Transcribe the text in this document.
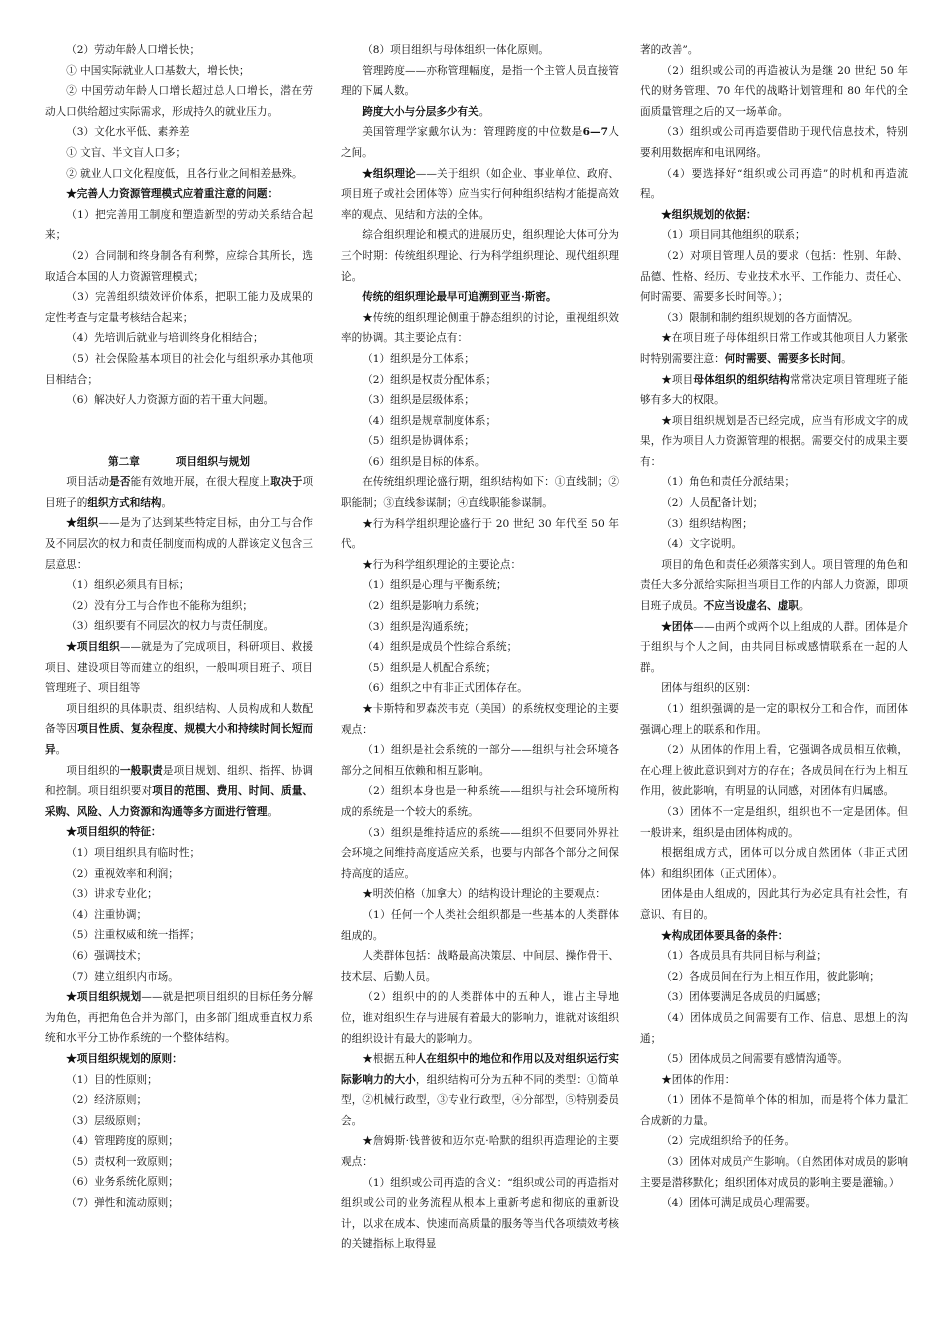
（2）劳动年龄人口增长快；

① 中国实际就业人口基数大，增长快；

② 中国劳动年龄人口增长超过总人口增长，潜在劳动人口供给超过实际需求，形成持久的就业压力。

（3）文化水平低、素养差

① 文盲、半文盲人口多；

② 就业人口文化程度低，且各行业之间相差悬殊。

★完善人力资源管理模式应着重注意的问题：

（1）把完善用工制度和塑造新型的劳动关系结合起来；

（2）合同制和终身制各有利弊，应综合其所长，选取适合本国的人力资源管理模式；

（3）完善组织绩效评价体系，把职工能力及成果的定性考查与定量考核结合起来；

（4）先培训后就业与培训终身化相结合；

（5）社会保险基本项目的社会化与组织承办其他项目相结合；

（6）解决好人力资源方面的若干重大问题。

第二章	项目组织与规划

项目活动是否能有效地开展，在很大程度上取决于项目班子的组织方式和结构。

★组织——是为了达到某些特定目标，由分工与合作及不同层次的权力和责任制度而构成的人群该定义包含三层意思：

（1）组织必须具有目标；

（2）没有分工与合作也不能称为组织；

（3）组织要有不同层次的权力与责任制度。

★项目组织——就是为了完成项目，科研项目、救援项目、建设项目等而建立的组织，一般叫项目班子、项目管理班子、项目组等

项目组织的具体职责、组织结构、人员构成和人数配备等因项目性质、复杂程度、规模大小和持续时间长短而异。

项目组织的一般职责是项目规划、组织、指挥、协调和控制。项目组织要对项目的范围、费用、时间、质量、采购、风险、人力资源和沟通等多方面进行管理。

★项目组织的特征：

（1）项目组织具有临时性；

（2）重视效率和利润；

（3）讲求专业化；

（4）注重协调；

（5）注重权威和统一指挥；

（6）强调技术；

（7）建立组织内市场。

★项目组织规划——就是把项目组织的目标任务分解为角色，再把角色合并为部门，由多部门组成垂直权力系统和水平分工协作系统的一个整体结构。

★项目组织规划的原则：

（1）目的性原则；

（2）经济原则；

（3）层级原则；

（4）管理跨度的原则；

（5）责权利一致原则；

（6）业务系统化原则；

（7）弹性和流动原则；

（8）项目组织与母体组织一体化原则。

管理跨度——亦称管理幅度，是指一个主管人员直接管理的下属人数。

跨度大小与分层多少有关。

美国管理学家戴尔认为：管理跨度的中位数是6—7人之间。

★组织理论——关于组织（如企业、事业单位、政府、项目班子或社会团体等）应当实行何种组织结构才能提高效率的观点、见结和方法的全体。

综合组织理论和模式的进展历史，组织理论大体可分为三个时期：传统组织理论、行为科学组织理论、现代组织理论。

传统的组织理论最早可追溯到亚当·斯密。

★传统的组织理论侧重于静态组织的讨论，重视组织效率的协调。其主要论点有：

（1）组织是分工体系；

（2）组织是权责分配体系；

（3）组织是层级体系；

（4）组织是规章制度体系；

（5）组织是协调体系；

（6）组织是目标的体系。

在传统组织理论盛行期，组织结构如下：①直线制；②职能制；③直线参谋制；④直线职能参谋制。

★行为科学组织理论盛行于 20 世纪 30 年代至 50 年代。

★行为科学组织理论的主要论点：

（1）组织是心理与平衡系统；

（2）组织是影响力系统；

（3）组织是沟通系统；

（4）组织是成员个性综合系统；

（5）组织是人机配合系统；

（6）组织之中有非正式团体存在。

★卡斯特和罗森茨韦克（美国）的系统权变理论的主要观点：

（1）组织是社会系统的一部分——组织与社会环境各部分之间相互依赖和相互影响。

（2）组织本身也是一种系统——组织与社会环境所构成的系统是一个较大的系统。

（3）组织是维持适应的系统——组织不但要同外界社会环境之间维持高度适应关系，也要与内部各个部分之间保持高度的适应。

★明茨伯格（加拿大）的结构设计理论的主要观点：

（1）任何一个人类社会组织都是一些基本的人类群体组成的。

人类群体包括：战略最高决策层、中间层、操作骨干、技术层、后勤人员。

（2）组织中的的人类群体中的五种人，谁占主导地位，谁对组织生存与进展有着最大的影响力，谁就对该组织的组织设计有最大的影响力。

★根据五种人在组织中的地位和作用以及对组织运行实际影响力的大小，组织结构可分为五种不同的类型：①简单型，②机械行政型，③专业行政型，④分部型，⑤特别委员会。

★詹姆斯·钱普彼和迈尔克·哈默的组织再造理论的主要观点：

（1）组织或公司再造的含义：“组织或公司的再造指对组织或公司的业务流程从根本上重新考虑和彻底的重新设计，以求在成本、快速而高质量的服务等当代各项绩效考核的关键指标上取得显

著的改善”。

（2）组织或公司的再造被认为是继 20 世纪 50 年代的财务管理、70 年代的战略计划管理和 80 年代的全面质量管理之后的又一场革命。

（3）组织或公司再造要借助于现代信息技术，特别要利用数据库和电讯网络。

（4）要选择好“组织或公司再造”的时机和再造流程。

★组织规划的依据：

（1）项目同其他组织的联系；

（2）对项目管理人员的要求（包括：性别、年龄、品德、性格、经历、专业技术水平、工作能力、责任心、何时需要、需要多长时间等。）；

（3）限制和制约组织规划的各方面情况。

★在项目班子母体组织日常工作或其他项目人力紧张时特别需要注意：何时需要、需要多长时间。

★项目母体组织的组织结构常常决定项目管理班子能够有多大的权限。

★项目组织规划是否已经完成，应当有形成文字的成果，作为项目人力资源管理的根据。需要交付的成果主要有：

（1）角色和责任分派结果；

（2）人员配备计划；

（3）组织结构图；

（4）文字说明。

项目的角色和责任必须落实到人。项目管理的角色和责任大多分派给实际担当项目工作的内部人力资源，即项目班子成员。不应当设虚名、虚职。

★团体——由两个或两个以上组成的人群。团体是介于组织与个人之间，由共同目标或感情联系在一起的人群。

团体与组织的区别：

（1）组织强调的是一定的职权分工和合作，而团体强调心理上的联系和作用。

（2）从团体的作用上看，它强调各成员相互依赖，在心理上彼此意识到对方的存在；各成员间在行为上相互作用，彼此影响，有明显的认同感，对团体有归属感。

（3）团体不一定是组织，组织也不一定是团体。但一般讲来，组织是由团体构成的。

根据组成方式，团体可以分成自然团体（非正式团体）和组织团体（正式团体）。

团体是由人组成的，因此其行为必定具有社会性，有意识、有目的。

★构成团体要具备的条件：

（1）各成员具有共同目标与利益；

（2）各成员间在行为上相互作用，彼此影响；

（3）团体要满足各成员的归属感；

（4）团体成员之间需要有工作、信息、思想上的沟通；

（5）团体成员之间需要有感情沟通等。

★团体的作用：

（1）团体不是简单个体的相加，而是将个体力量汇合成新的力量。

（2）完成组织给予的任务。

（3）团体对成员产生影响。（自然团体对成员的影响主要是潜移默化；组织团体对成员的影响主要是灌输。）

（4）团体可满足成员心理需要。
